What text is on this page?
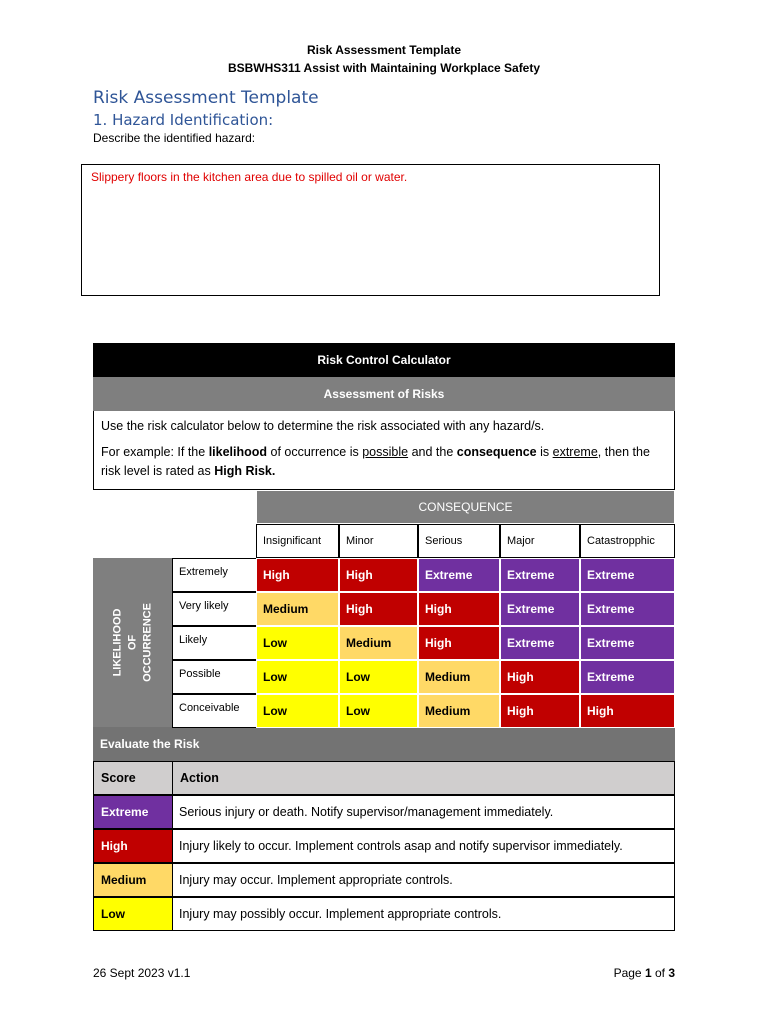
Risk Assessment Template
BSBWHS311 Assist with Maintaining Workplace Safety
Risk Assessment Template
1. Hazard Identification:
Describe the identified hazard:
Slippery floors in the kitchen area due to spilled oil or water.
Risk Control Calculator
Assessment of Risks

Use the risk calculator below to determine the risk associated with any hazard/s.

For example: If the likelihood of occurrence is possible and the consequence is extreme, then the risk level is rated as High Risk.

CONSEQUENCE
LIKELIHOOD OF OCCURRENCE
Evaluate the Risk
Score	Action
Insignificant	Minor	Serious	Major	Catastropphic
Extremely	High	High	Extreme	Extreme	Extreme
Very likely	Medium	High	High	Extreme	Extreme
Likely	Low	Medium	High	Extreme	Extreme
Possible	Low	Low	Medium	High	Extreme
Conceivable	Low	Low	Medium	High	High
Extreme	Serious injury or death. Notify supervisor/management immediately.
High	Injury likely to occur. Implement controls asap and notify supervisor immediately.
Medium	Injury may occur. Implement appropriate controls.
Low	Injury may possibly occur. Implement appropriate controls.
26 Sept 2023 v1.1	Page 1 of 3
